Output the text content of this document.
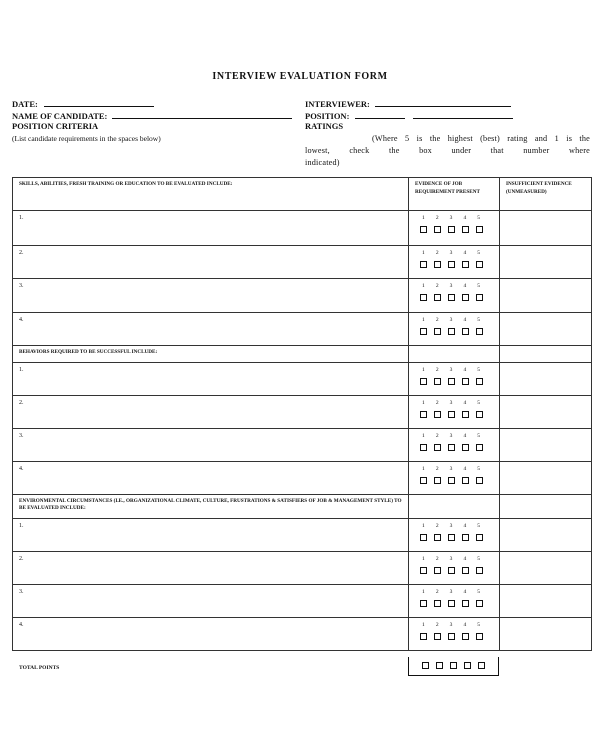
INTERVIEW EVALUATION FORM
DATE:
NAME OF CANDIDATE:
POSITION CRITERIA
(List candidate requirements in the spaces below)
INTERVIEWER:
POSITION:
RATINGS
(Where 5 is the highest (best) rating and 1 is the
lowest, check the box under that number where
indicated)
SKILLS, ABILITIES, FRESH TRAINING OR EDUCATION TO BE EVALUATED INCLUDE:	EVIDENCE OF JOB REQUIREMENT PRESENT	INSUFFICIENT EVIDENCE (UNMEASURED)
1.	1 2 3 4 5	

2.	1 2 3 4 5	

3.	1 2 3 4 5	

4.	1 2 3 4 5	

BEHAVIORS REQUIRED TO BE SUCCESSFUL INCLUDE:		
1.	1 2 3 4 5	

2.	1 2 3 4 5	

3.	1 2 3 4 5	

4.	1 2 3 4 5	

ENVIRONMENTAL CIRCUMSTANCES (I.E., ORGANIZATIONAL CLIMATE, CULTURE, FRUSTRATIONS & SATISFIERS OF JOB & MANAGEMENT STYLE) TO BE EVALUATED INCLUDE:		
1.	1 2 3 4 5	

2.	1 2 3 4 5	

3.	1 2 3 4 5	

4.	1 2 3 4 5	

TOTAL POINTS
